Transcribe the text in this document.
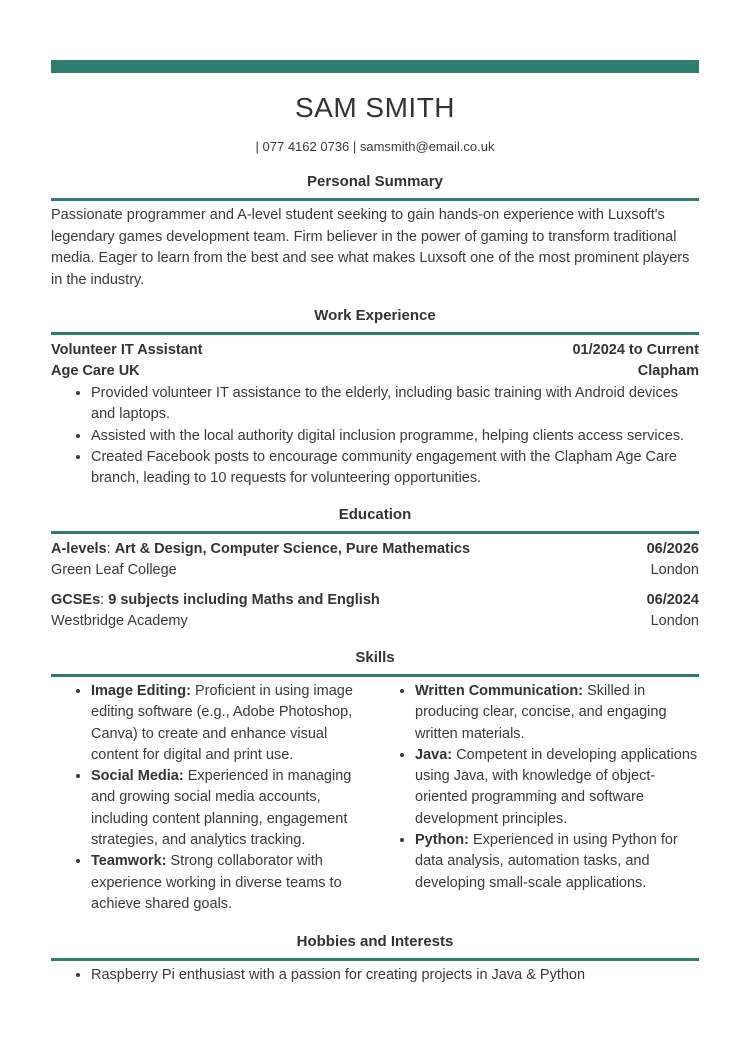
SAM SMITH
| 077 4162 0736 | samsmith@email.co.uk
Personal Summary
Passionate programmer and A-level student seeking to gain hands-on experience with Luxsoft's legendary games development team. Firm believer in the power of gaming to transform traditional media. Eager to learn from the best and see what makes Luxsoft one of the most prominent players in the industry.
Work Experience
Volunteer IT Assistant	01/2024 to Current
Age Care UK	Clapham
• Provided volunteer IT assistance to the elderly, including basic training with Android devices and laptops.
• Assisted with the local authority digital inclusion programme, helping clients access services.
• Created Facebook posts to encourage community engagement with the Clapham Age Care branch, leading to 10 requests for volunteering opportunities.
Education
A-levels: Art & Design, Computer Science, Pure Mathematics	06/2026
Green Leaf College	London
GCSEs: 9 subjects including Maths and English	06/2024
Westbridge Academy	London
Skills
• Image Editing: Proficient in using image editing software (e.g., Adobe Photoshop, Canva) to create and enhance visual content for digital and print use.
• Social Media: Experienced in managing and growing social media accounts, including content planning, engagement strategies, and analytics tracking.
• Teamwork: Strong collaborator with experience working in diverse teams to achieve shared goals.
• Written Communication: Skilled in producing clear, concise, and engaging written materials.
• Java: Competent in developing applications using Java, with knowledge of object-oriented programming and software development principles.
• Python: Experienced in using Python for data analysis, automation tasks, and developing small-scale applications.
Hobbies and Interests
• Raspberry Pi enthusiast with a passion for creating projects in Java & Python
